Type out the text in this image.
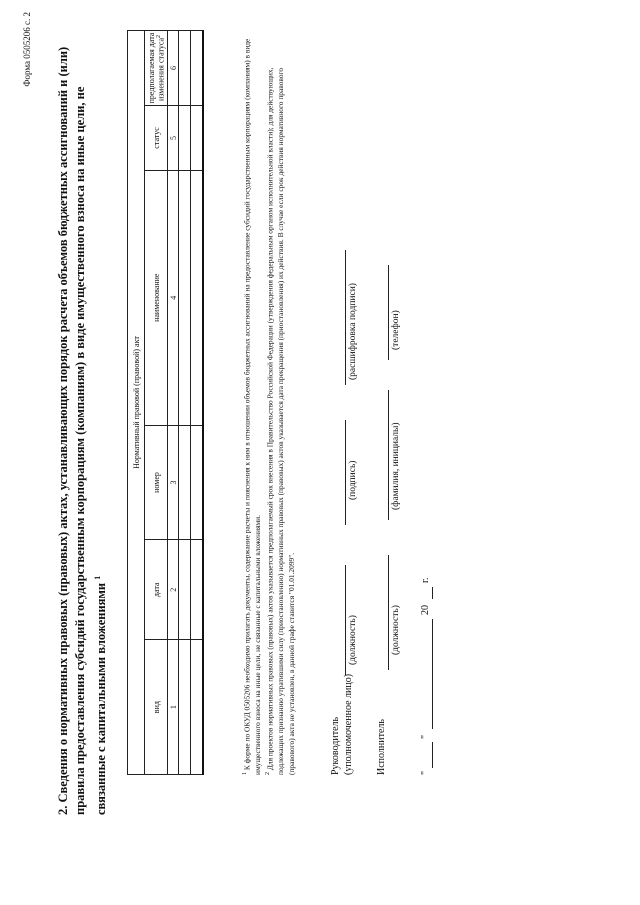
Форма 0505206 с. 2 2. Сведения о нормативных правовых (правовых) актах, устанавливающих порядок расчета объемов бюджетных ассигнований и (или) правила предоставления субсидий государственным корпорациям (компаниям) в виде имущественного взноса на иные цели, не связанные с капитальными вложениями $^1$
Нормативный правовой (правовой) акт					
вид	дата	номер	наименование	статус	предполагаемая дата изменения статуса$^2$
1	2	3	4	5	6

$^1$ К форме по ОКУД 0505206 необходимо прилагать документы, содержание расчеты и пояснения к ним в отношении объемов бюджетных ассигнований на предоставление субсидий государственным корпорациям (компаниям) в виде имущественного взноса на иные цели, не связанные с капитальными вложениями. $^2$ Для проектов нормативных правовых (правовых) актов указывается предполагаемый срок внесения в Правительство Российской Федерации (утверждения федеральным органом исполнительной власти); для действующих, подлежащих признанию утратившими силу (приостановлению) нормативных правовых (правовых) актов указывается дата прекращения (приостановления) их действия. В случае если срок действия нормативного правового (правового) акта не установлен, в данной графе ставится "01.01.2099".	Руководитель (уполномоченное лицо)
(должность)
(подпись)
(расшифровка подписи)
Исполнитель
(должность)
(фамилия, инициалы)
(телефон)
"
"
20
г.
